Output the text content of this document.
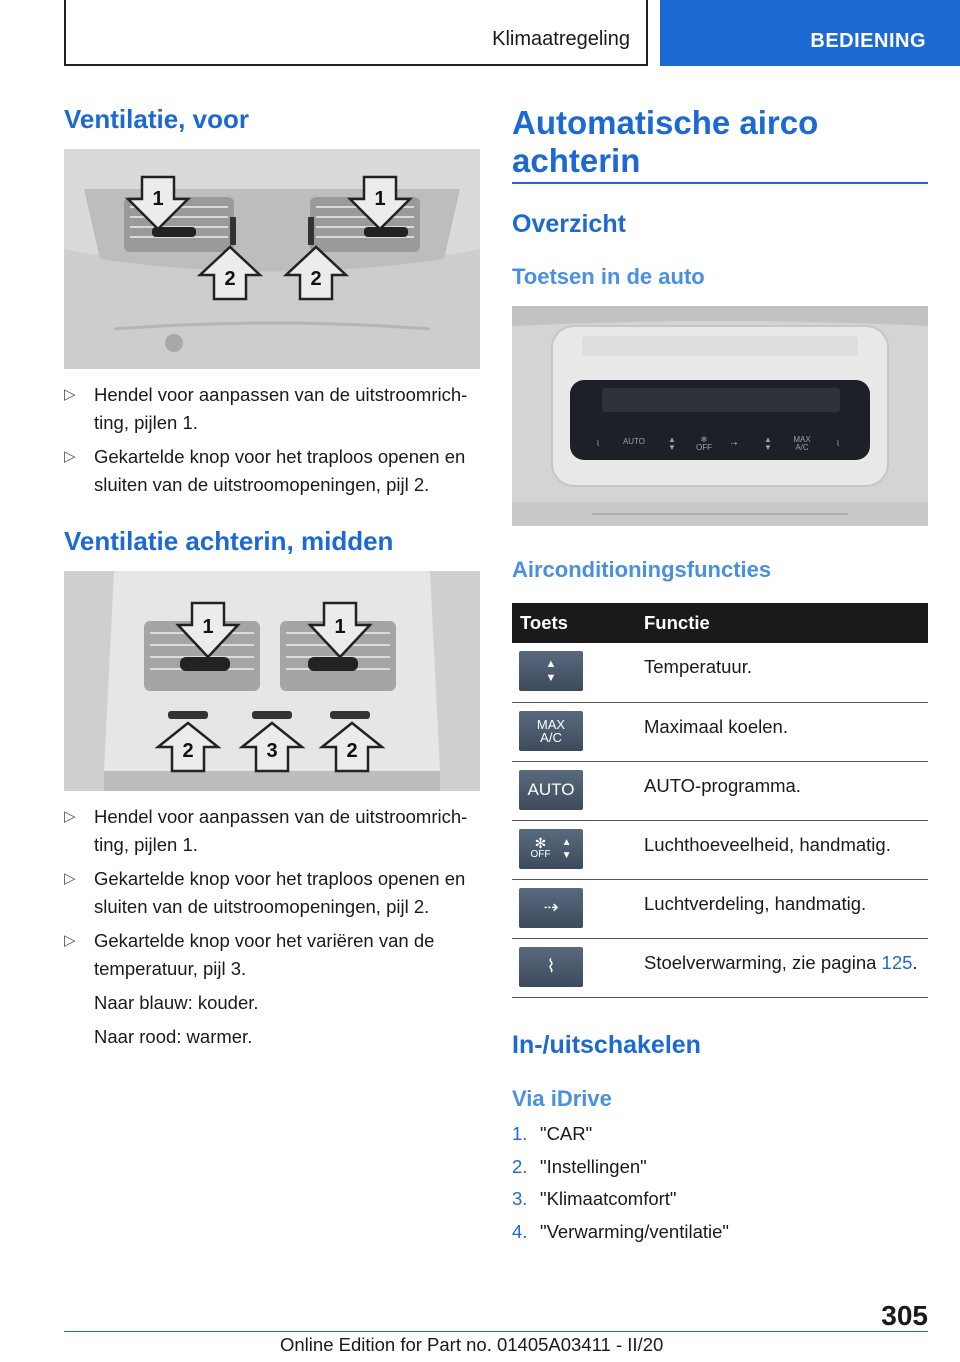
Klimaatregeling	BEDIENING
Ventilatie, voor
1	1
2	2
▷ Hendel voor aanpassen van de uitstroomrichting, pijlen 1.
▷ Gekartelde knop voor het traploos openen en sluiten van de uitstroomopeningen, pijl 2.
Ventilatie achterin, midden
1	1
2	3	2
▷ Hendel voor aanpassen van de uitstroomrichting, pijlen 1.
▷ Gekartelde knop voor het traploos openen en sluiten van de uitstroomopeningen, pijl 2.
▷ Gekartelde knop voor het variëren van de temperatuur, pijl 3.
Naar blauw: kouder.
Naar rood: warmer.
Automatische airco achterin
Overzicht
Toetsen in de auto
⌇	AUTO	▲
▼
✻
OFF ⇢	▲
▼
MAX
A/C	⌇
Airconditioningsfuncties
Toets	Functie

▲
▼	Temperatuur.

MAX
A/C	Maximaal koelen.

AUTO	AUTO-programma.

✻
OFF
▲
▼	Luchthoeveelheid, handmatig.

⇢	Luchtverdeling, handmatig.

⌇	Stoelverwarming, zie pagina 125.
In-/uitschakelen
Via iDrive
1. "CAR"
2. "Instellingen"
3. "Klimaatcomfort"
4. "Verwarming/ventilatie"
305
Online Edition for Part no. 01405A03411 - II/20
